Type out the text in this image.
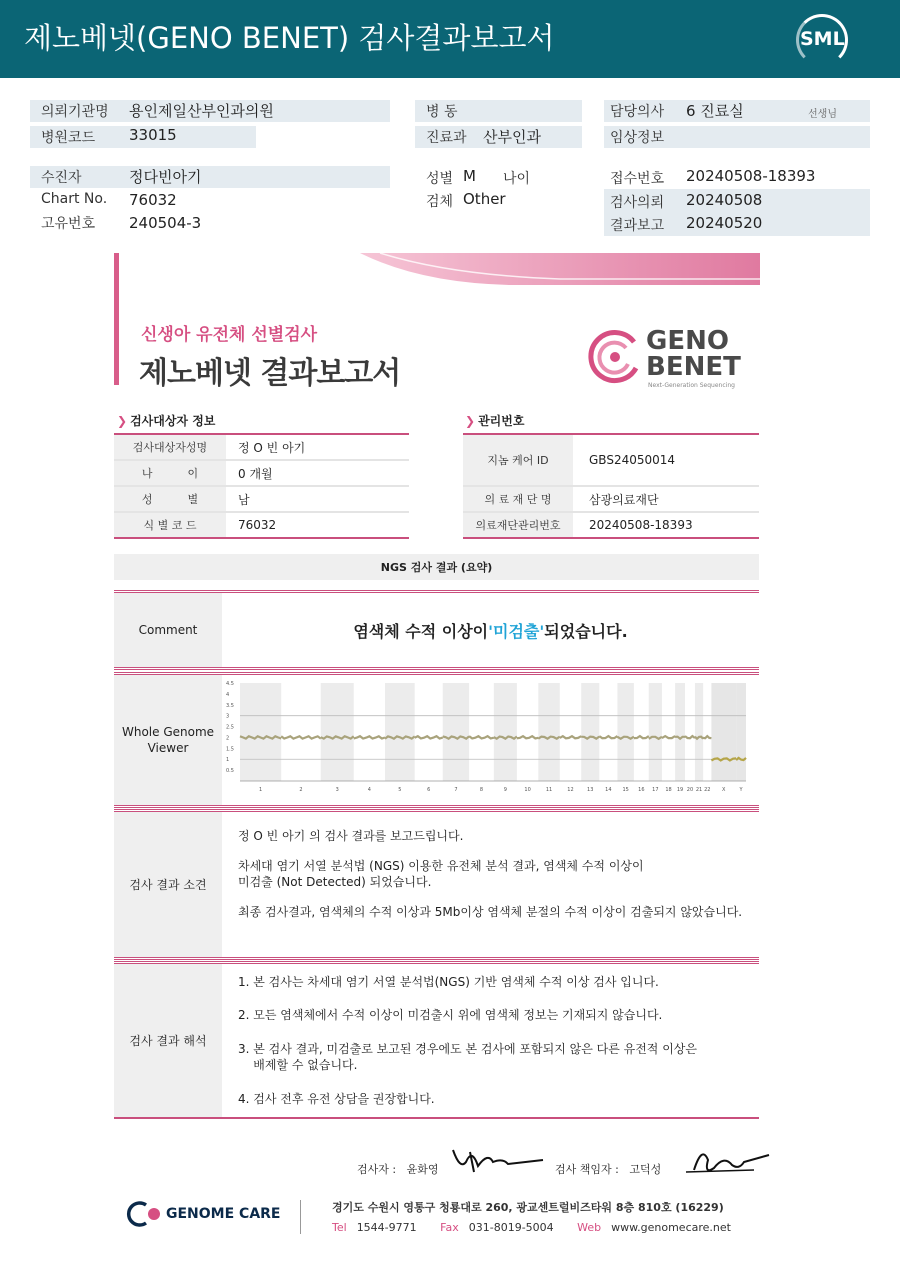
제노베넷(GENO BENET) 검사결과보고서	SML
의뢰기관명 용인제일산부인과의원
병원코드 33015
병 동
진료과 산부인과
담당의사 6 진료실	선생님
임상정보
수진자	정다빈아기
Chart No. 76032
고유번호 240504-3
성별 M 나이
검체 Other
접수번호 20240508-18393
검사의뢰 20240508
결과보고 20240520
신생아 유전체 선별검사
제노베넷 결과보고서
GENO
BENET
Next-Generation Sequencing
❯ 검사대상자 정보
검사대상자성명	정 O 빈 아기
나          이	0 개월
성          별	남
식 별 코 드	76032
❯ 관리번호
지놈 케어 ID	GBS24050014
의 료 재 단 명	삼광의료재단
의료재단관리번호	20240508-18393
NGS 검사 결과 (요약)
Comment	염색체 수적 이상이 '미검출' 되었습니다.
Whole Genome
Viewer
4.5
4
3.5
3
2.5
2
1.5
1
0.5
1	2	3	4	5	6	7	8	9	10	11	12	13 14 15 16 17 18 19 20 21 22 X	Y
검사 결과 소견
정 O 빈 아기 의 검사 결과를 보고드립니다.
차세대 염기 서열 분석법 (NGS) 이용한 유전체 분석 결과, 염색체 수적 이상이
미검출 (Not Detected) 되었습니다.
최종 검사결과, 염색체의 수적 이상과 5Mb이상 염색체 분절의 수적 이상이 검출되지 않았습니다.
검사 결과 해석
1. 본 검사는 차세대 염기 서열 분석법(NGS) 기반 염색체 수적 이상 검사 입니다.
2. 모든 염색체에서 수적 이상이 미검출시 위에 염색체 정보는 기재되지 않습니다.
3. 본 검사 결과, 미검출로 보고된 경우에도 본 검사에 포함되지 않은 다른 유전적 이상은
배제할 수 없습니다.
4. 검사 전후 유전 상담을 권장합니다.
검사자 : 윤화영	검사 책임자 : 고덕성
GENOME CARE	경기도 수원시 영통구 청룡대로 260, 광교센트럴비즈타워 8층 810호 (16229)
Tel 1544-9771 Fax 031-8019-5004 Web www.genomecare.net
